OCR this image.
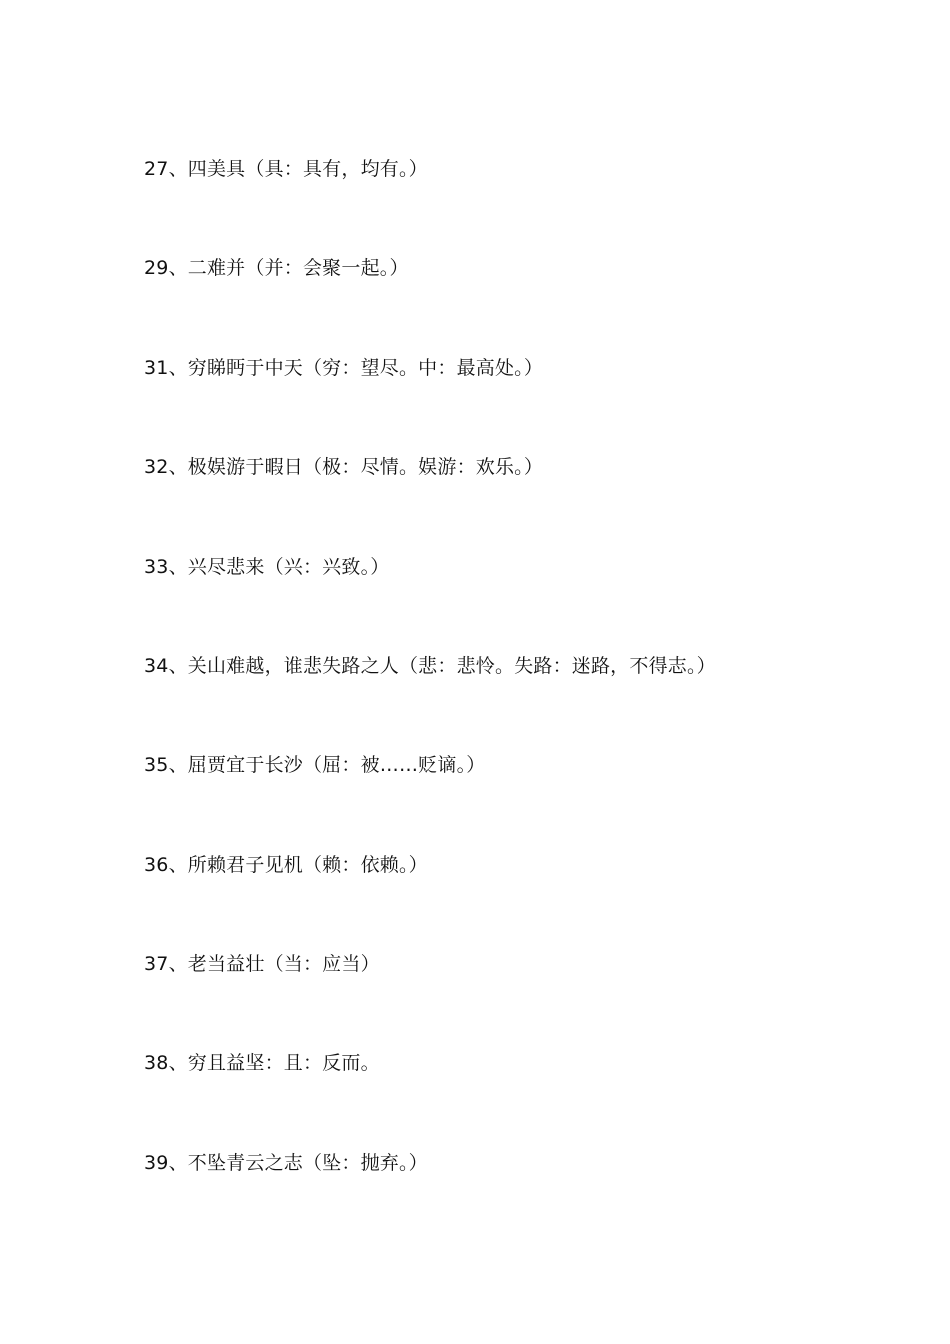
27、四美具（具：具有，均有。）

29、二难并（并：会聚一起。）

31、穷睇眄于中天（穷：望尽。中：最高处。）

32、极娱游于暇日（极：尽情。娱游：欢乐。）

33、兴尽悲来（兴：兴致。）

34、关山难越，谁悲失路之人（悲：悲怜。失路：迷路，不得志。）

35、屈贾宜于长沙（屈：被……贬谪。）

36、所赖君子见机（赖：依赖。）

37、老当益壮（当：应当）

38、穷且益坚：且：反而。

39、不坠青云之志（坠：抛弃。）
